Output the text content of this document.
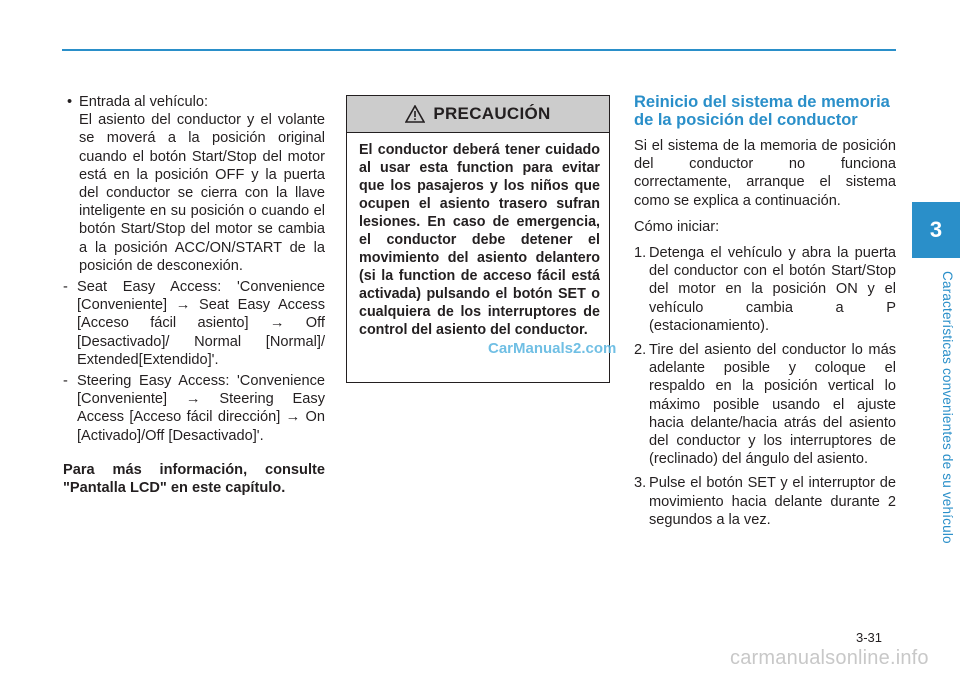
3
Características convenientes de su vehículo
• Entrada al vehículo:
El asiento del conductor y el volante se moverá a la posición original cuando el botón Start/Stop del motor está en la posición OFF y la puerta del conductor se cierra con la llave inteligente en su posición o cuando el botón Start/Stop del motor se cambia a la posición ACC/ON/START de la posición de desconexión.
- Seat Easy Access: 'Convenience [Conveniente] → Seat Easy Access [Acceso fácil asiento] → Off [Desactivado]/ Normal [Normal]/ Extended[Extendido]'.
- Steering Easy Access: 'Convenience [Conveniente] → Steering Easy Access [Acceso fácil dirección] → On [Activado]/Off [Desactivado]'.
Para más información, consulte "Pantalla LCD" en este capítulo.
PRECAUCIÓN
El conductor deberá tener cuidado al usar esta function para evitar que los pasajeros y los niños que ocupen el asiento trasero sufran lesiones. En caso de emergencia, el conductor debe detener el movimiento del asiento delantero (si la function de acceso fácil está activada) pulsando el botón SET o cualquiera de los interruptores de control del asiento del conductor.
CarManuals2.com
Reinicio del sistema de memoria de la posición del conductor
Si el sistema de la memoria de posición del conductor no funciona correctamente, arranque el sistema como se explica a continuación.
Cómo iniciar:
1. Detenga el vehículo y abra la puerta del conductor con el botón Start/Stop del motor en la posición ON y el vehículo cambia a P (estacionamiento).
2. Tire del asiento del conductor lo más adelante posible y coloque el respaldo en la posición vertical lo máximo posible usando el ajuste hacia delante/hacia atrás del asiento del conductor y los interruptores de (reclinado) del ángulo del asiento.
3. Pulse el botón SET y el interruptor de movimiento hacia delante durante 2 segundos a la vez.
3-31
carmanualsonline.info
